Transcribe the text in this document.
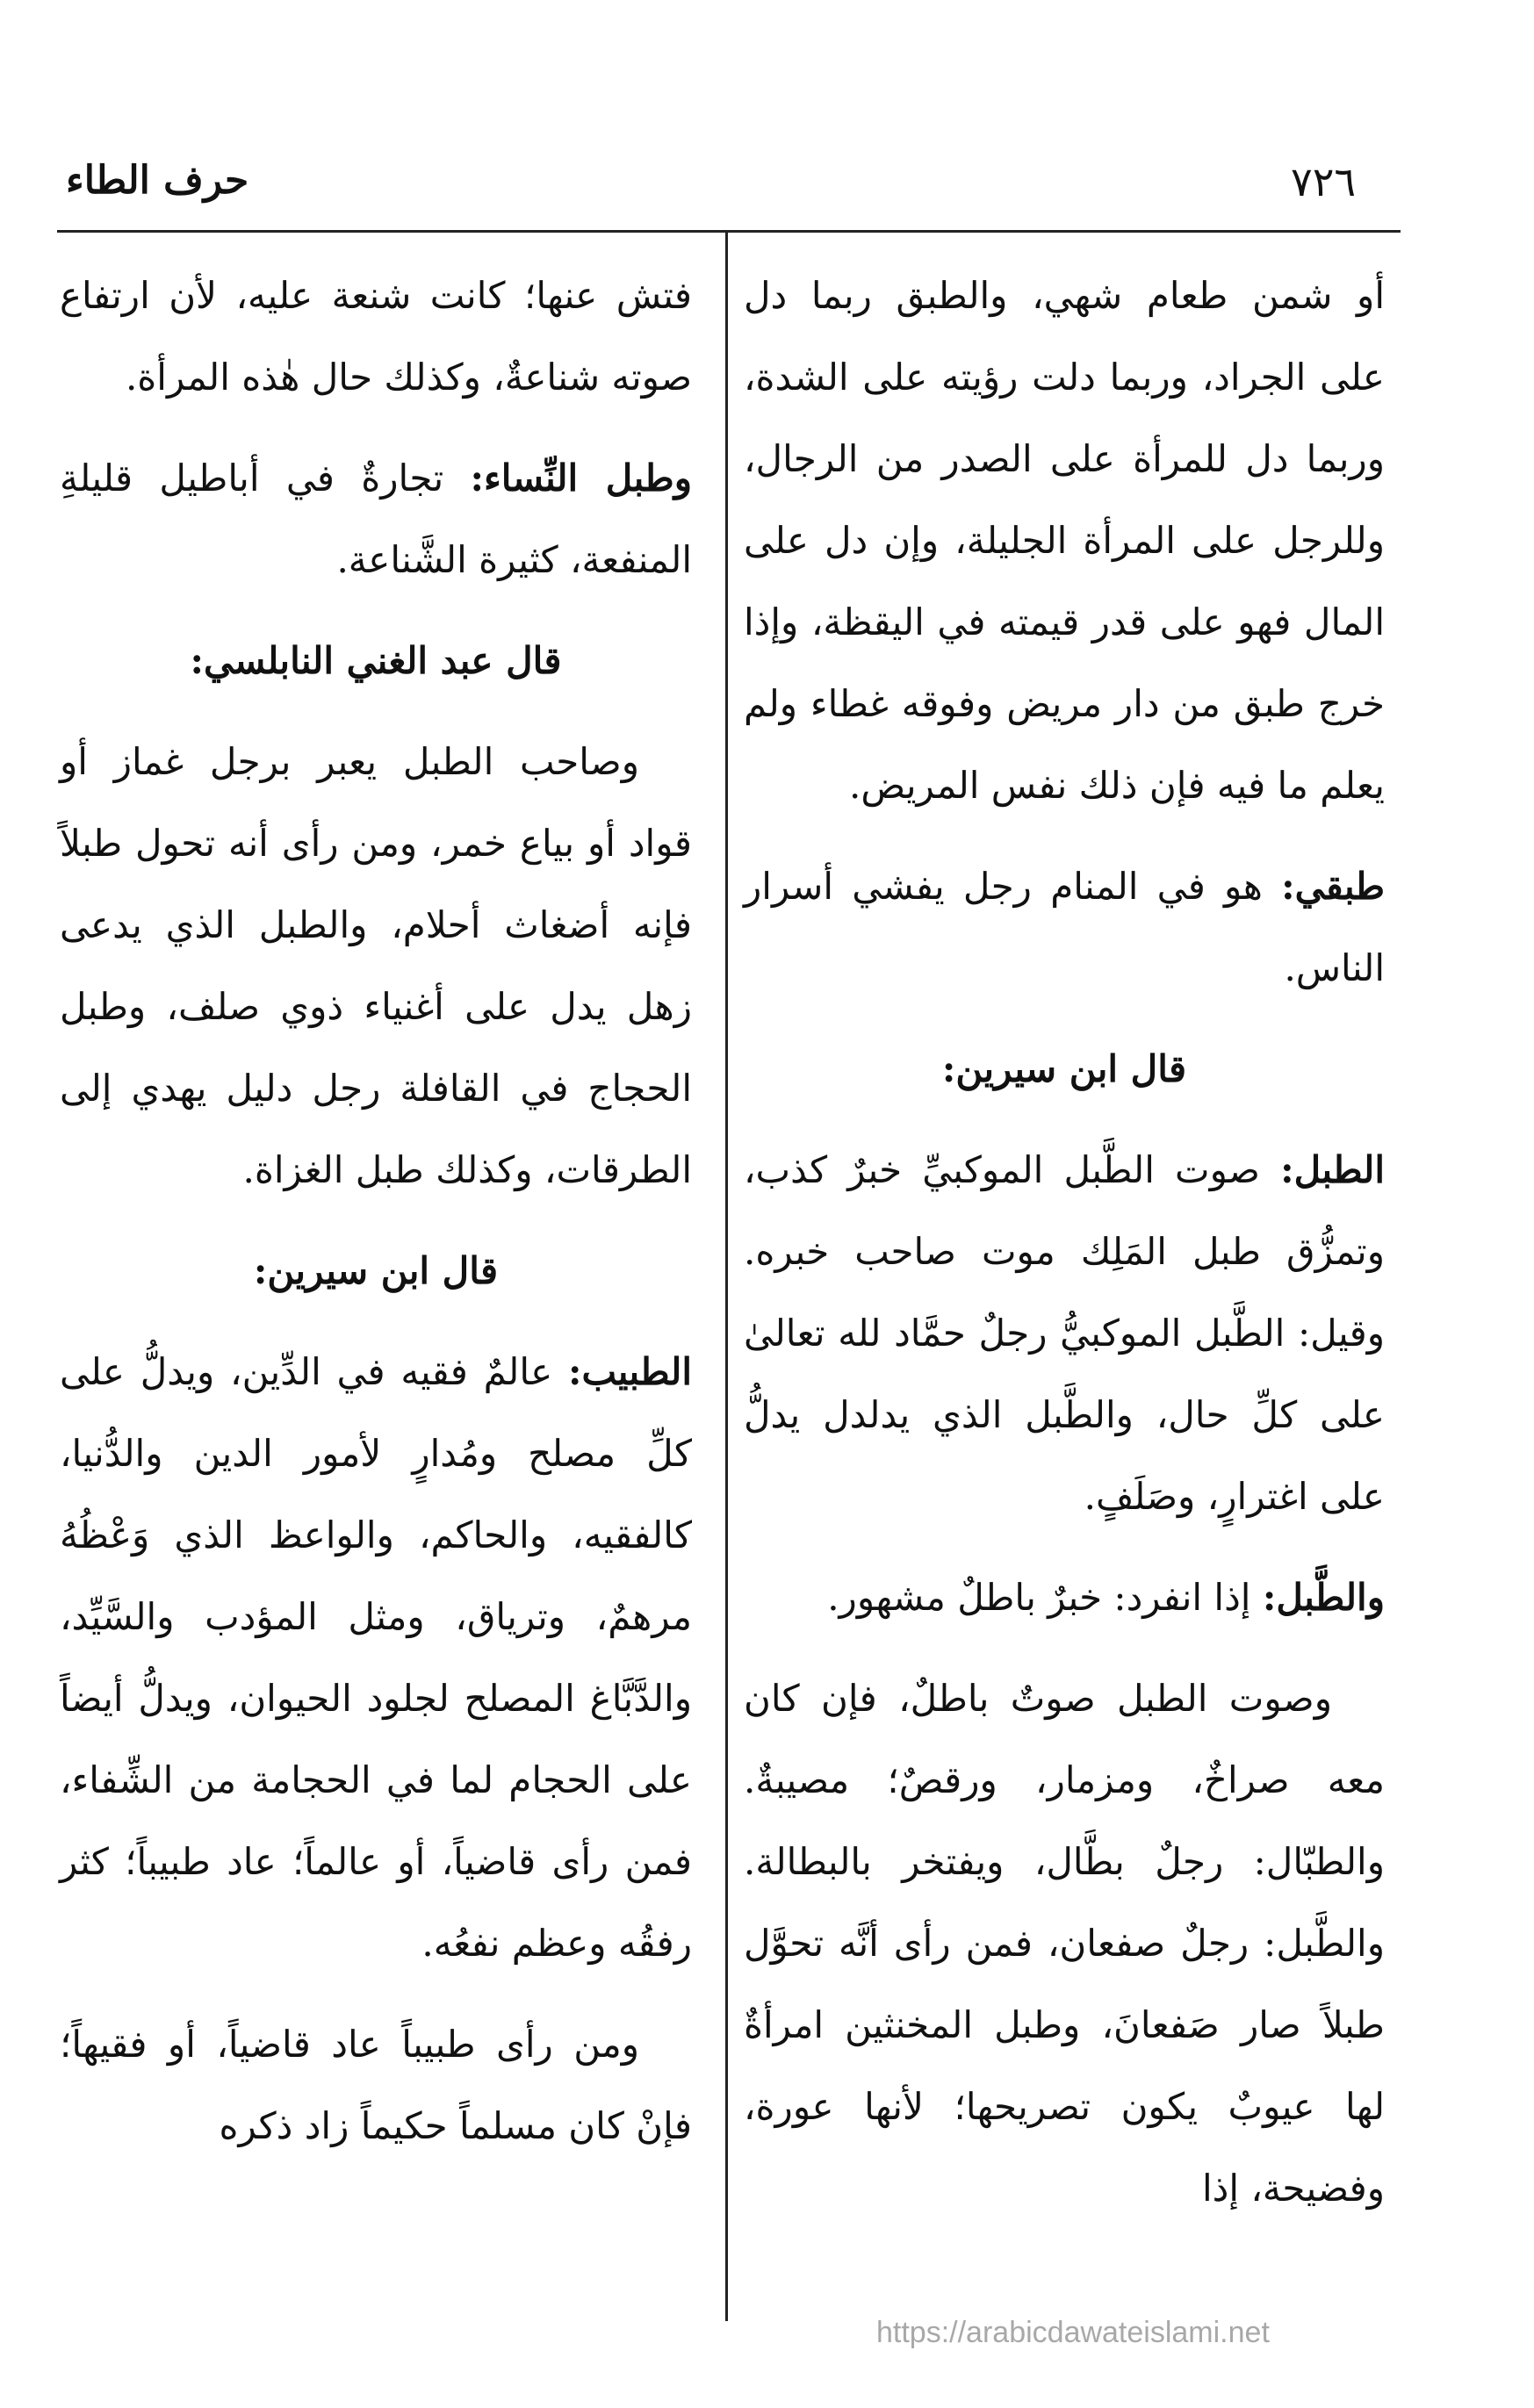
٧٢٦
حرف الطاء

أو شمن طعام شهي، والطبق ربما دل على الجراد، وربما دلت رؤيته على الشدة، وربما دل للمرأة على الصدر من الرجال، وللرجل على المرأة الجليلة، وإن دل على المال فهو على قدر قيمته في اليقظة، وإذا خرج طبق من دار مريض وفوقه غطاء ولم يعلم ما فيه فإن ذلك نفس المريض.

طبقي: هو في المنام رجل يفشي أسرار الناس.

قال ابن سيرين:

الطبل: صوت الطَّبل الموكبيِّ خبرٌ كذب، وتمزُّق طبل المَلِك موت صاحب خبره. وقيل: الطَّبل الموكبيُّ رجلٌ حمَّاد لله تعالىٰ على كلِّ حال، والطَّبل الذي يدلدل يدلُّ على اغترارٍ، وصَلَفٍ.

والطَّبل: إذا انفرد: خبرٌ باطلٌ مشهور.

وصوت الطبل صوتٌ باطلٌ، فإن كان معه صراخٌ، ومزمار، ورقصٌ؛ مصيبةٌ. والطبّال: رجلٌ بطَّال، ويفتخر بالبطالة. والطَّبل: رجلٌ صفعان، فمن رأى أنَّه تحوَّل طبلاً صار صَفعانَ، وطبل المخنثين امرأةٌ لها عيوبٌ يكون تصريحها؛ لأنها عورة، وفضيحة، إذا

فتش عنها؛ كانت شنعة عليه، لأن ارتفاع صوته شناعةٌ، وكذلك حال هٰذه المرأة.

وطبل النِّساء: تجارةٌ في أباطيل قليلةِ المنفعة، كثيرة الشَّناعة.

قال عبد الغني النابلسي:

وصاحب الطبل يعبر برجل غماز أو قواد أو بياع خمر، ومن رأى أنه تحول طبلاً فإنه أضغاث أحلام، والطبل الذي يدعى زهل يدل على أغنياء ذوي صلف، وطبل الحجاج في القافلة رجل دليل يهدي إلى الطرقات، وكذلك طبل الغزاة.

قال ابن سيرين:

الطبيب: عالمٌ فقيه في الدِّين، ويدلُّ على كلِّ مصلح ومُدارٍ لأمور الدين والدُّنيا، كالفقيه، والحاكم، والواعظ الذي وَعْظُهُ مرهمٌ، وترياق، ومثل المؤدب والسَّيِّد، والدَّبَّاغ المصلح لجلود الحيوان، ويدلُّ أيضاً على الحجام لما في الحجامة من الشِّفاء، فمن رأى قاضياً، أو عالماً؛ عاد طبيباً؛ كثر رفقُه وعظم نفعُه.

ومن رأى طبيباً عاد قاضياً، أو فقيهاً؛ فإنْ كان مسلماً حكيماً زاد ذكره

https://arabicdawateislami.net
